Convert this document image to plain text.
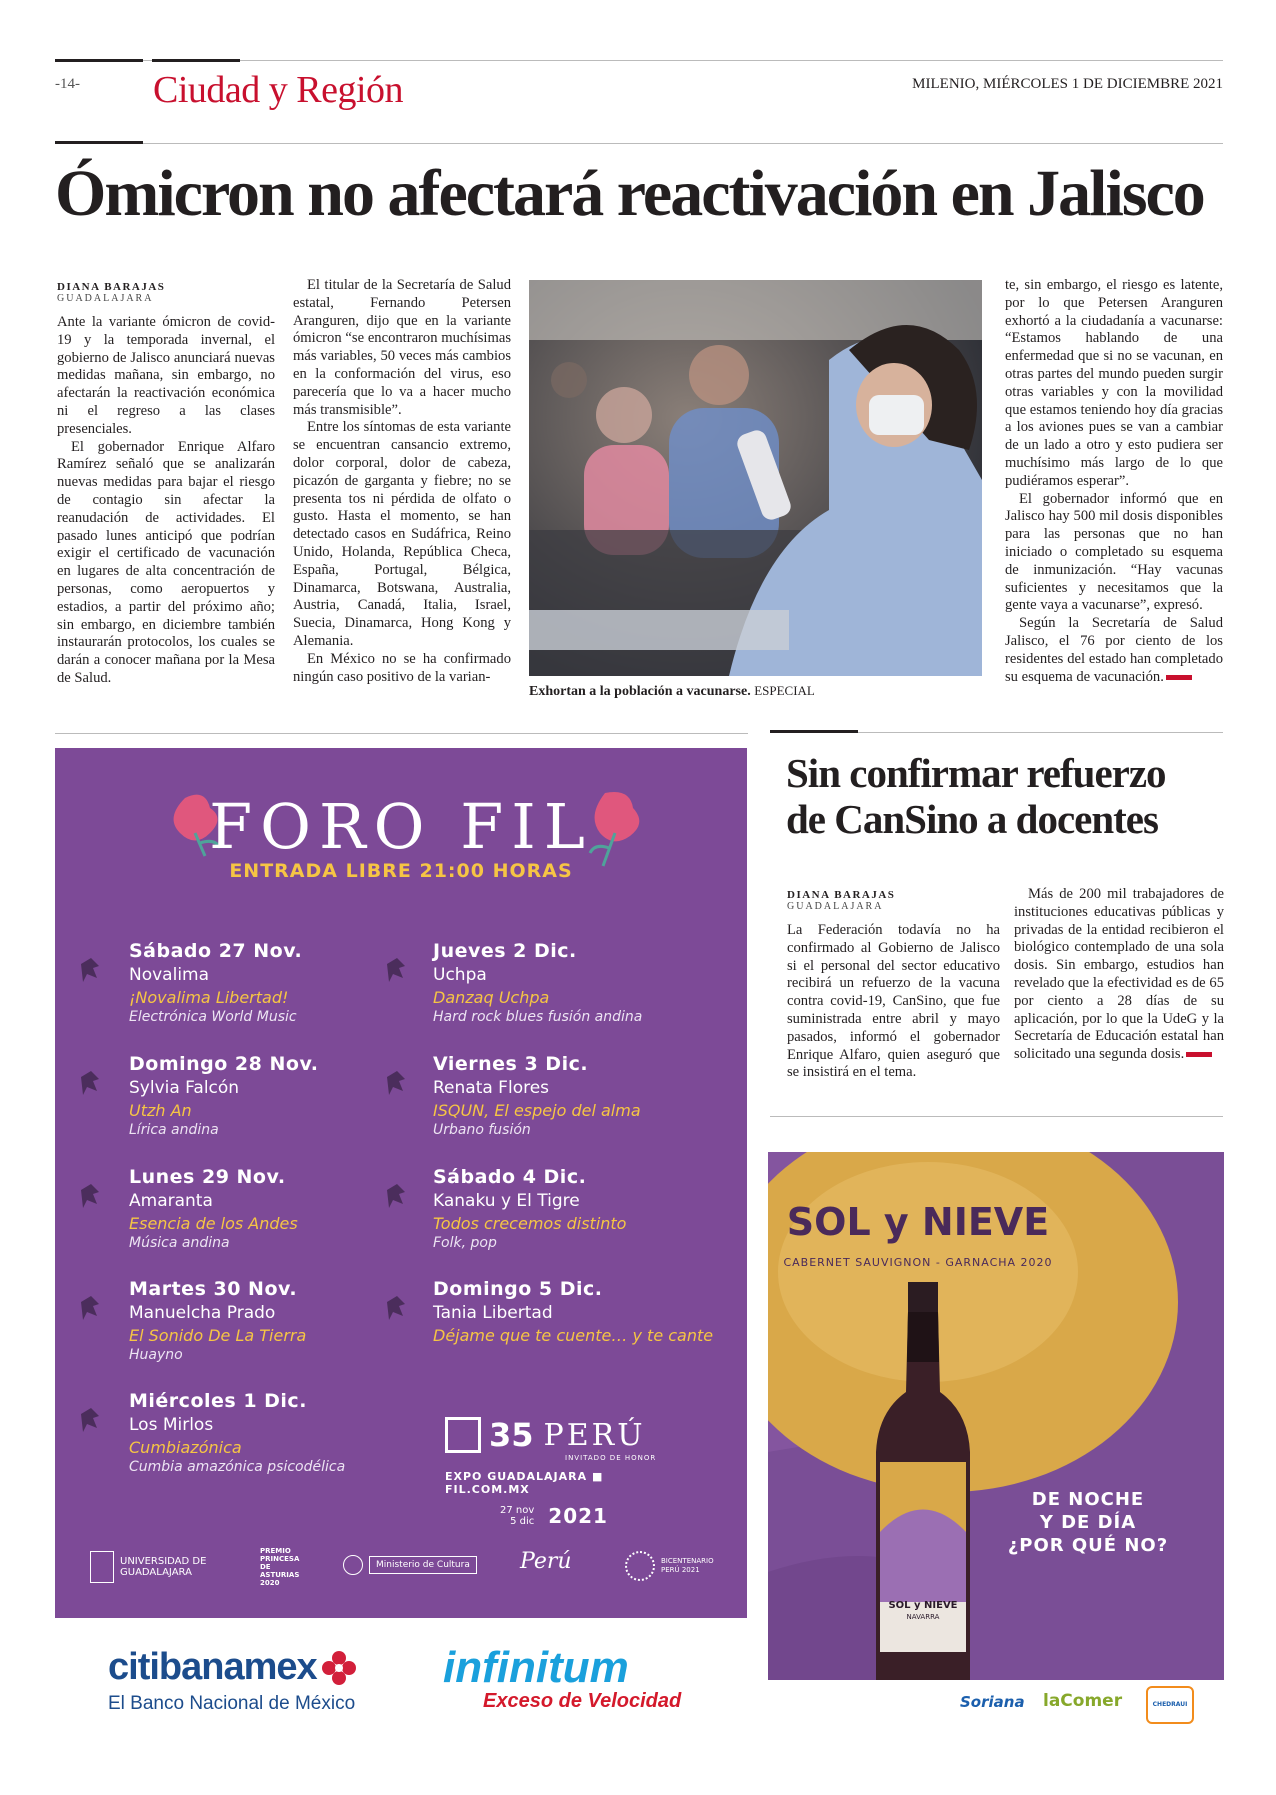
-14- Ciudad y Región	MILENIO, MIÉRCOLES 1 DE DICIEMBRE 2021
Ómicron no afectará reactivación en Jalisco
DIANA BARAJAS
GUADALAJARA

Ante la variante ómicron de covid-19 y la temporada invernal, el gobierno de Jalisco anunciará nuevas medidas mañana, sin embargo, no afectarán la reactivación económica ni el regreso a las clases presenciales.

El gobernador Enrique Alfaro Ramírez señaló que se analizarán nuevas medidas para bajar el riesgo de contagio sin afectar la reanudación de actividades. El pasado lunes anticipó que podrían exigir el certificado de vacunación en lugares de alta concentración de personas, como aeropuertos y estadios, a partir del próximo año; sin embargo, en diciembre también instaurarán protocolos, los cuales se darán a conocer mañana por la Mesa de Salud.

El titular de la Secretaría de Salud estatal, Fernando Petersen Aranguren, dijo que en la variante ómicron “se encontraron muchísimas más variables, 50 veces más cambios en la conformación del virus, eso parecería que lo va a hacer mucho más transmisible”.

Entre los síntomas de esta variante se encuentran cansancio extremo, dolor corporal, dolor de cabeza, picazón de garganta y fiebre; no se presenta tos ni pérdida de olfato o gusto. Hasta el momento, se han detectado casos en Sudáfrica, Reino Unido, Holanda, República Checa, España, Portugal, Bélgica, Dinamarca, Botswana, Australia, Austria, Canadá, Italia, Israel, Suecia, Dinamarca, Hong Kong y Alemania.

En México no se ha confirmado ningún caso positivo de la varian-

Exhortan a la población a vacunarse. ESPECIAL

te, sin embargo, el riesgo es latente, por lo que Petersen Aranguren exhortó a la ciudadanía a vacunarse: “Estamos hablando de una enfermedad que si no se vacunan, en otras partes del mundo pueden surgir otras variables y con la movilidad que estamos teniendo hoy día gracias a los aviones pues se van a cambiar de un lado a otro y esto pudiera ser muchísimo más largo de lo que pudiéramos esperar”.

El gobernador informó que en Jalisco hay 500 mil dosis disponibles para las personas que no han iniciado o completado su esquema de inmunización. “Hay vacunas suficientes y necesitamos que la gente vaya a vacunarse”, expresó.

Según la Secretaría de Salud Jalisco, el 76 por ciento de los residentes del estado han completado su esquema de vacunación.

FORO FIL
ENTRADA LIBRE 21:00 HORAS
Sábado 27 Nov.
Novalima
¡Novalima Libertad!
Electrónica World Music
Domingo 28 Nov.
Sylvia Falcón
Utzh An
Lírica andina
Lunes 29 Nov.
Amaranta
Esencia de los Andes
Música andina
Martes 30 Nov.
Manuelcha Prado
El Sonido De La Tierra
Huayno
Miércoles 1 Dic.
Los Mirlos
Cumbiazónica
Cumbia amazónica psicodélica
Jueves 2 Dic.
Uchpa
Danzaq Uchpa
Hard rock blues fusión andina
Viernes 3 Dic.
Renata Flores
ISQUN, El espejo del alma
Urbano fusión
Sábado 4 Dic.
Kanaku y El Tigre
Todos crecemos distinto
Folk, pop
Domingo 5 Dic.
Tania Libertad
Déjame que te cuente… y te cante
35 PERÚ
INVITADO DE HONOR
EXPO GUADALAJARA ■ FIL.COM.MX
27 nov
5 dic 2021
UNIVERSIDAD DE GUADALAJARA
PREMIO PRINCESA DE ASTURIAS 2020
Ministerio de Cultura	Perú	BICENTENARIO PERÚ 2021
citibanamex
El Banco Nacional de México
infinitum
Exceso de Velocidad
Sin confirmar refuerzo
de CanSino a docentes
DIANA BARAJAS
GUADALAJARA

La Federación todavía no ha confirmado al Gobierno de Jalisco si el personal del sector educativo recibirá un refuerzo de la vacuna contra covid-19, CanSino, que fue suministrada entre abril y mayo pasados, informó el gobernador Enrique Alfaro, quien aseguró que se insistirá en el tema.

Más de 200 mil trabajadores de instituciones educativas públicas y privadas de la entidad recibieron el biológico contemplado de una sola dosis. Sin embargo, estudios han revelado que la efectividad es de 65 por ciento a 28 días de su aplicación, por lo que la UdeG y la Secretaría de Educación estatal han solicitado una segunda dosis.

SOL y NIEVE
CABERNET SAUVIGNON - GARNACHA 2020
SOL y NIEVE
NAVARRA
DE NOCHE
Y DE DÍA
¿POR QUÉ NO?
Soriana laComer	CHEDRAUI
